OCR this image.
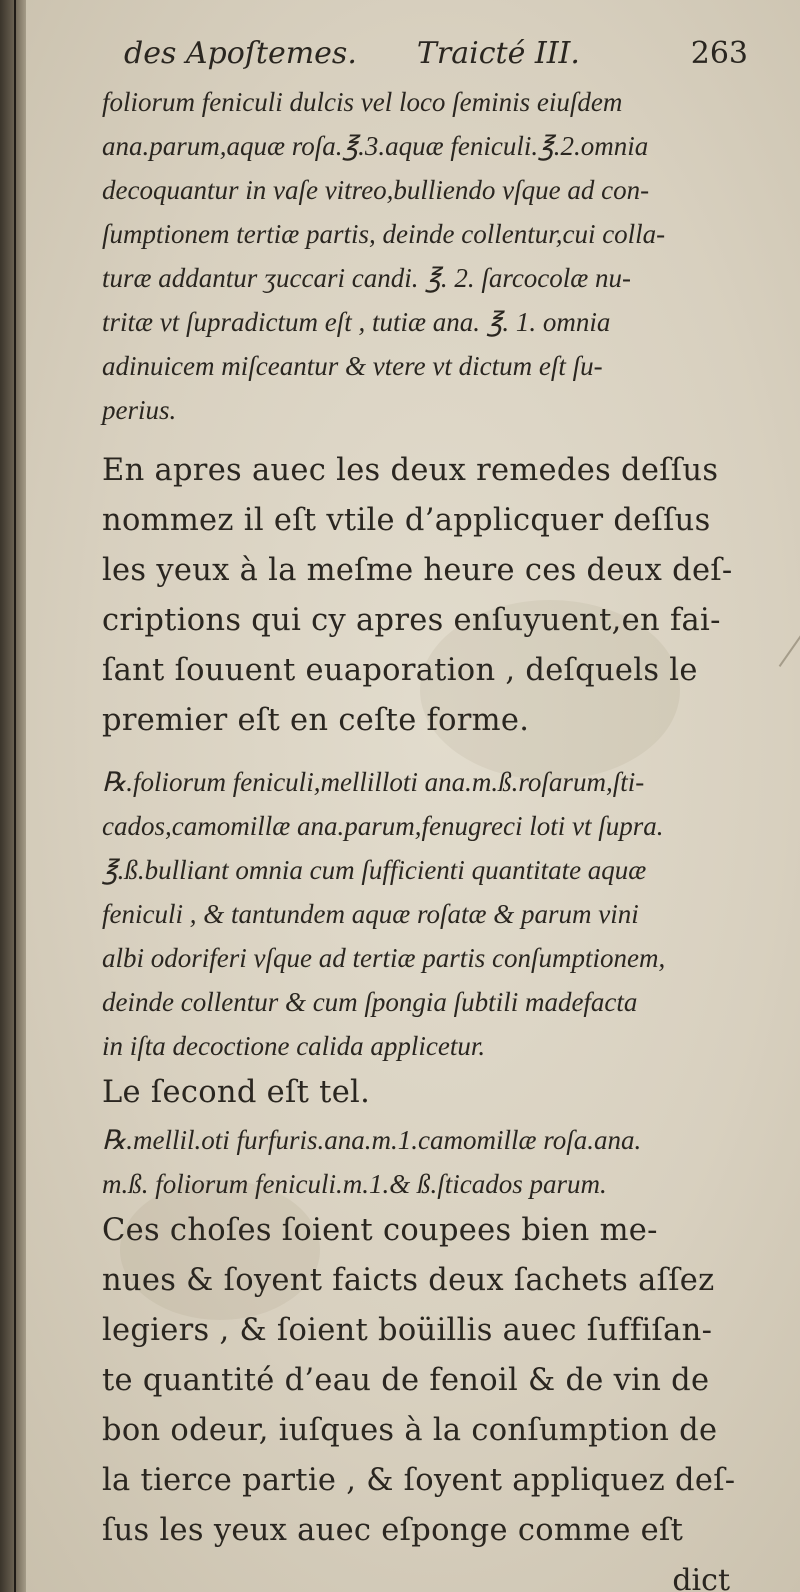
des Apoſtemes. Traicté III.	263
foliorum feniculi dulcis vel loco ſeminis eiuſdem
ana.parum,aquæ roſa.℥.3.aquæ feniculi.℥.2.omnia
decoquantur in vaſe vitreo,bulliendo vſque ad con-
ſumptionem tertiæ partis, deinde collentur,cui colla-
turæ addantur ʒuccari candi. ℥. 2. ſarcocolæ nu-
tritæ vt ſupradictum eſt , tutiæ ana. ℥. 1. omnia
adinuicem miſceantur & vtere vt dictum eſt ſu-
perius.
En apres auec les deux remedes deſſus
nommez il eſt vtile d’applicquer deſſus
les yeux à la meſme heure ces deux deſ-
criptions qui cy apres enſuyuent,en fai-
ſant ſouuent euaporation , deſquels le
premier eſt en ceſte forme.
℞.foliorum feniculi,mellilloti ana.m.ß.roſarum,ſti-
cados,camomillæ ana.parum,fenugreci loti vt ſupra.
℥.ß.bulliant omnia cum ſufficienti quantitate aquæ
feniculi , & tantundem aquæ roſatæ & parum vini
albi odoriferi vſque ad tertiæ partis conſumptionem,
deinde collentur & cum ſpongia ſubtili madefacta
in iſta decoctione calida applicetur.
Le ſecond eſt tel.
℞.mellil.oti furfuris.ana.m.1.camomillæ roſa.ana.
m.ß. foliorum feniculi.m.1.& ß.ſticados parum.
Ces choſes ſoient coupees bien me-
nues & ſoyent faicts deux ſachets aſſez
legiers , & ſoient boüillis auec ſuffiſan-
te quantité d’eau de fenoil & de vin de
bon odeur, iuſques à la conſumption de
la tierce partie , & ſoyent appliquez deſ-
ſus les yeux auec eſponge comme eſt
dict
